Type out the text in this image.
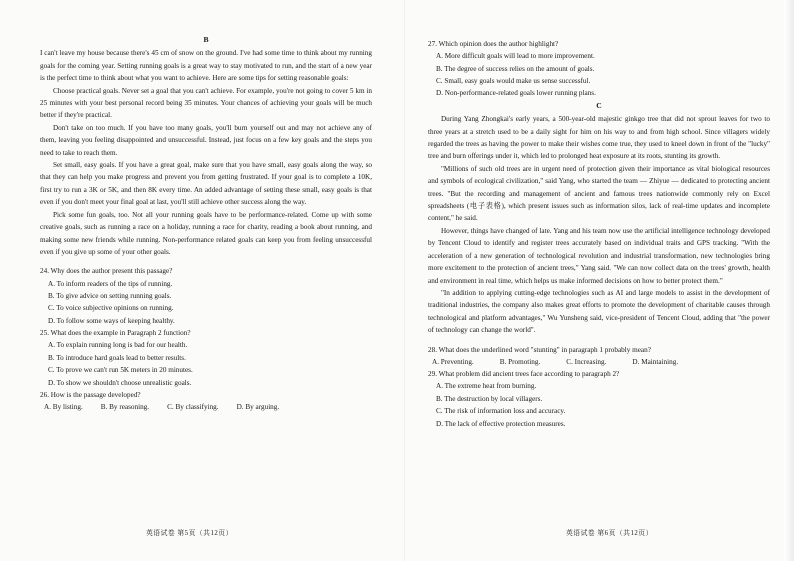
B
I can't leave my house because there's 45 cm of snow on the ground. I've had some time to think about my running goals for the coming year. Setting running goals is a great way to stay motivated to run, and the start of a new year is the perfect time to think about what you want to achieve. Here are some tips for setting reasonable goals:
Choose practical goals. Never set a goal that you can't achieve. For example, you're not going to cover 5 km in 25 minutes with your best personal record being 35 minutes. Your chances of achieving your goals will be much better if they're practical.
Don't take on too much. If you have too many goals, you'll burn yourself out and may not achieve any of them, leaving you feeling disappointed and unsuccessful. Instead, just focus on a few key goals and the steps you need to take to reach them.
Set small, easy goals. If you have a great goal, make sure that you have small, easy goals along the way, so that they can help you make progress and prevent you from getting frustrated. If your goal is to complete a 10K, first try to run a 3K or 5K, and then 8K every time. An added advantage of setting these small, easy goals is that even if you don't meet your final goal at last, you'll still achieve other success along the way.
Pick some fun goals, too. Not all your running goals have to be performance-related. Come up with some creative goals, such as running a race on a holiday, running a race for charity, reading a book about running, and making some new friends while running. Non-performance related goals can keep you from feeling unsuccessful even if you give up some of your other goals.
24. Why does the author present this passage?
A. To inform readers of the tips of running.
B. To give advice on setting running goals.
C. To voice subjective opinions on running.
D. To follow some ways of keeping healthy.
25. What does the example in Paragraph 2 function?
A. To explain running long is bad for our health.
B. To introduce hard goals lead to better results.
C. To prove we can't run 5K meters in 20 minutes.
D. To show we shouldn't choose unrealistic goals.
26. How is the passage developed?
A. By listing.	B. By reasoning.	C. By classifying.	D. By arguing.
27. Which opinion does the author highlight?
A. More difficult goals will lead to more improvement.
B. The degree of success relies on the amount of goals.
C. Small, easy goals would make us sense successful.
D. Non-performance-related goals lower running plans.
C
During Yang Zhongkai's early years, a 500-year-old majestic ginkgo tree that did not sprout leaves for two to three years at a stretch used to be a daily sight for him on his way to and from high school. Since villagers widely regarded the trees as having the power to make their wishes come true, they used to kneel down in front of the "lucky" tree and burn offerings under it, which led to prolonged heat exposure at its roots, stunting its growth.
"Millions of such old trees are in urgent need of protection given their importance as vital biological resources and symbols of ecological civilization," said Yang, who started the team — Zhiyue — dedicated to protecting ancient trees. "But the recording and management of ancient and famous trees nationwide commonly rely on Excel spreadsheets (电子表格), which present issues such as information silos, lack of real-time updates and incomplete content," he said.
However, things have changed of late. Yang and his team now use the artificial intelligence technology developed by Tencent Cloud to identify and register trees accurately based on individual traits and GPS tracking. "With the acceleration of a new generation of technological revolution and industrial transformation, new technologies bring more excitement to the protection of ancient trees," Yang said. "We can now collect data on the trees' growth, health and environment in real time, which helps us make informed decisions on how to better protect them."
"In addition to applying cutting-edge technologies such as AI and large models to assist in the development of traditional industries, the company also makes great efforts to promote the development of charitable causes through technological and platform advantages," Wu Yunsheng said, vice-president of Tencent Cloud, adding that "the power of technology can change the world".
28. What does the underlined word "stunting" in paragraph 1 probably mean?
A. Preventing.	B. Promoting.	C. Increasing.	D. Maintaining.
29. What problem did ancient trees face according to paragraph 2?
A. The extreme heat from burning.
B. The destruction by local villagers.
C. The risk of information loss and accuracy.
D. The lack of effective protection measures.
英语试卷 第5页（共12页）	英语试卷 第6页（共12页）
